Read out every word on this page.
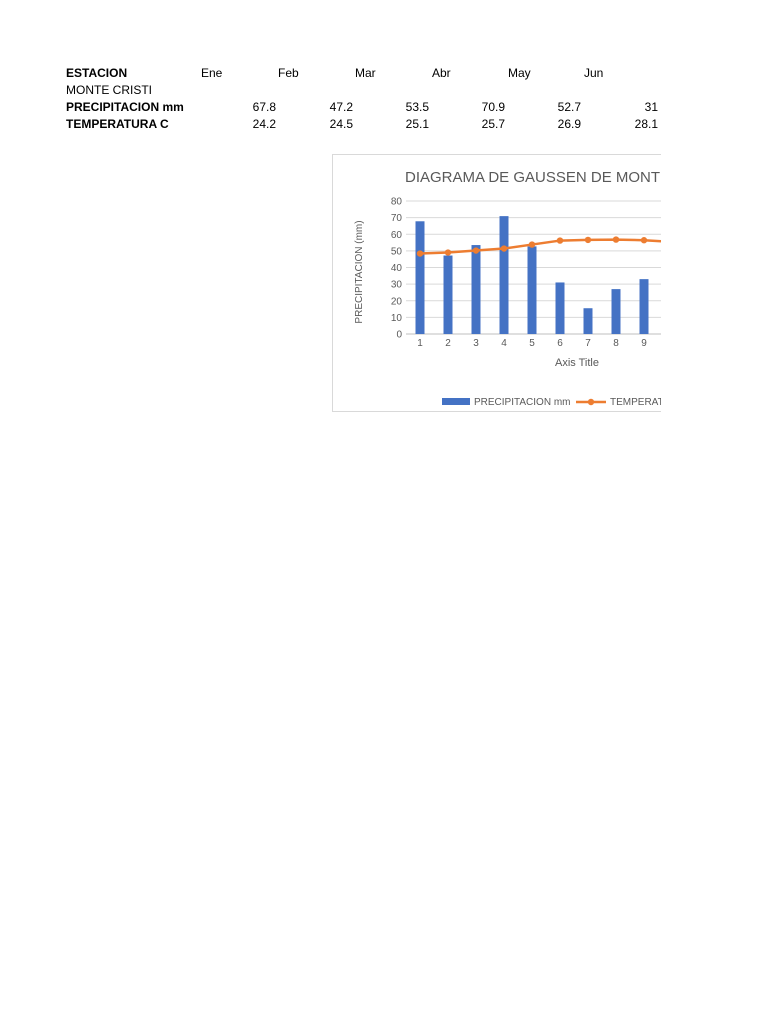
ESTACION	Ene	Feb	Mar	Abr	May	Jun
MONTE CRISTI
PRECIPITACION mm	67.8	47.2	53.5	70.9	52.7	31
TEMPERATURA C	24.2	24.5	25.1	25.7	26.9	28.1
DIAGRAMA DE GAUSSEN DE MONT
0
10
20
30
40
50
60
70
80
1 2 3 4 5 6 7 8 9
Axis Title
PRECIPITACION (mm)
PRECIPITACION mm	TEMPERAT
